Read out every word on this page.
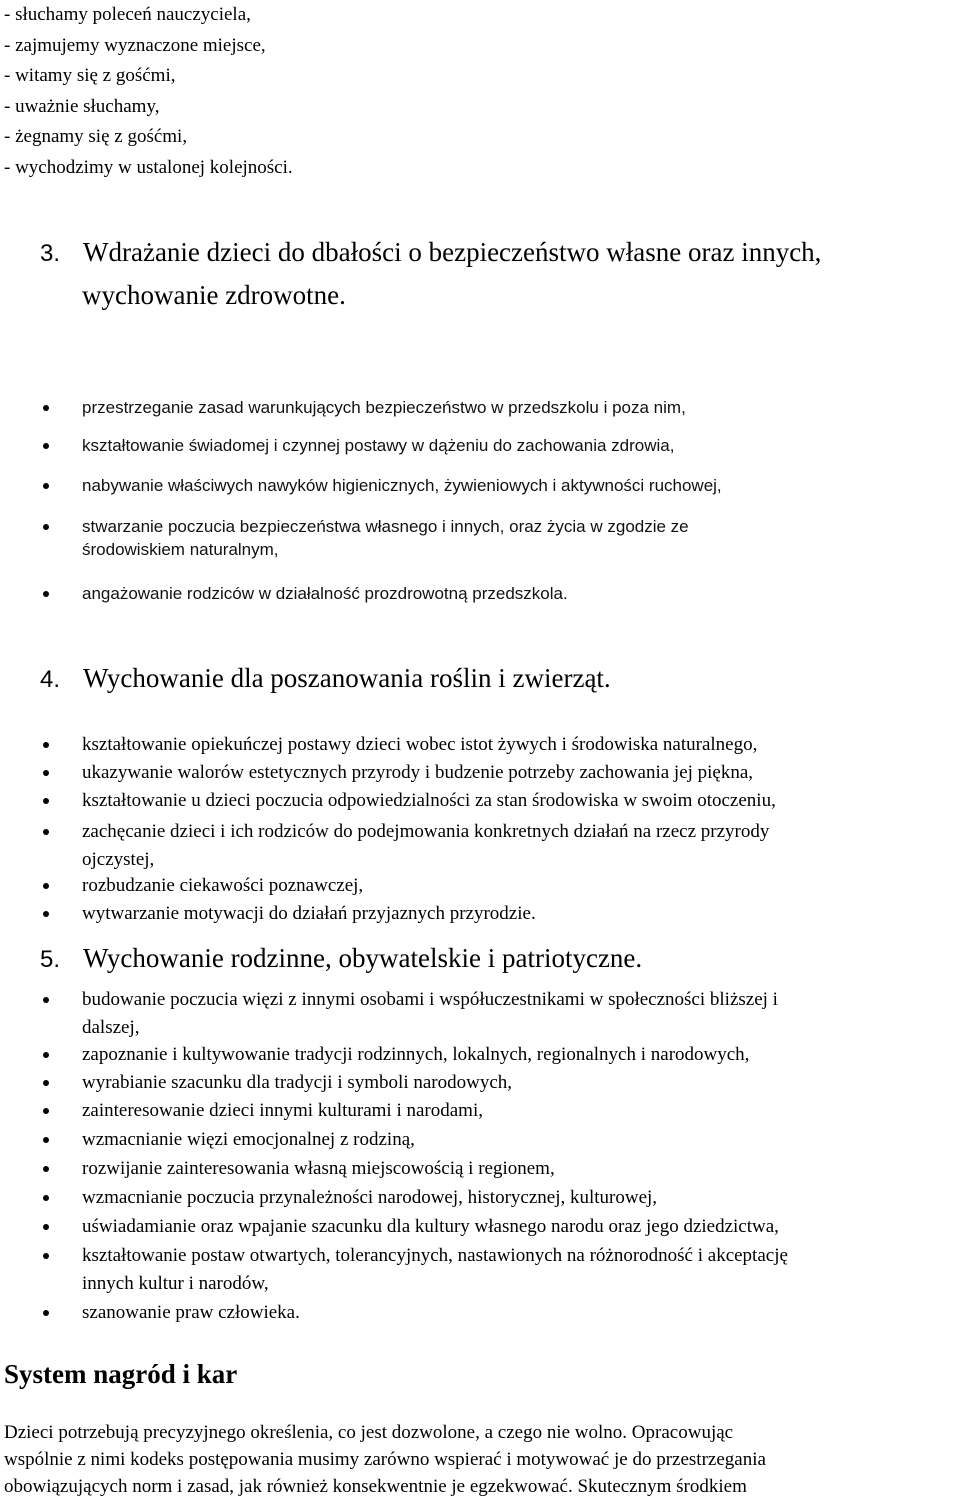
- słuchamy poleceń nauczyciela,
- zajmujemy wyznaczone miejsce,
- witamy się z gośćmi,
- uważnie słuchamy,
- żegnamy się z gośćmi,
- wychodzimy w ustalonej kolejności.
3. Wdrażanie dzieci do dbałości o bezpieczeństwo własne oraz innych,
wychowanie zdrowotne.
przestrzeganie zasad warunkujących bezpieczeństwo w przedszkolu i poza nim,
kształtowanie świadomej i czynnej postawy w dążeniu do zachowania zdrowia,
nabywanie właściwych nawyków higienicznych, żywieniowych i aktywności ruchowej,
stwarzanie poczucia bezpieczeństwa własnego i innych, oraz życia w zgodzie ze
środowiskiem naturalnym,
angażowanie rodziców w działalność prozdrowotną przedszkola.
4. Wychowanie dla poszanowania roślin i zwierząt.
kształtowanie opiekuńczej postawy dzieci wobec istot żywych i środowiska naturalnego,
ukazywanie walorów estetycznych przyrody i budzenie potrzeby zachowania jej piękna,
kształtowanie u dzieci poczucia odpowiedzialności za stan środowiska w swoim otoczeniu,
zachęcanie dzieci i ich rodziców do podejmowania konkretnych działań na rzecz przyrody
ojczystej,
rozbudzanie ciekawości poznawczej,
wytwarzanie motywacji do działań przyjaznych przyrodzie.
5. Wychowanie rodzinne, obywatelskie i patriotyczne.
budowanie poczucia więzi z innymi osobami i współuczestnikami w społeczności bliższej i
dalszej,
zapoznanie i kultywowanie tradycji rodzinnych, lokalnych, regionalnych i narodowych,
wyrabianie szacunku dla tradycji i symboli narodowych,
zainteresowanie dzieci innymi kulturami i narodami,
wzmacnianie więzi emocjonalnej z rodziną,
rozwijanie zainteresowania własną miejscowością i regionem,
wzmacnianie poczucia przynależności narodowej, historycznej, kulturowej,
uświadamianie oraz wpajanie szacunku dla kultury własnego narodu oraz jego dziedzictwa,
kształtowanie postaw otwartych, tolerancyjnych, nastawionych na różnorodność i akceptację
innych kultur i narodów,
szanowanie praw człowieka.
System nagród i kar
Dzieci potrzebują precyzyjnego określenia, co jest dozwolone, a czego nie wolno. Opracowując
wspólnie z nimi kodeks postępowania musimy zarówno wspierać i motywować je do przestrzegania
obowiązujących norm i zasad, jak również konsekwentnie je egzekwować. Skutecznym środkiem
